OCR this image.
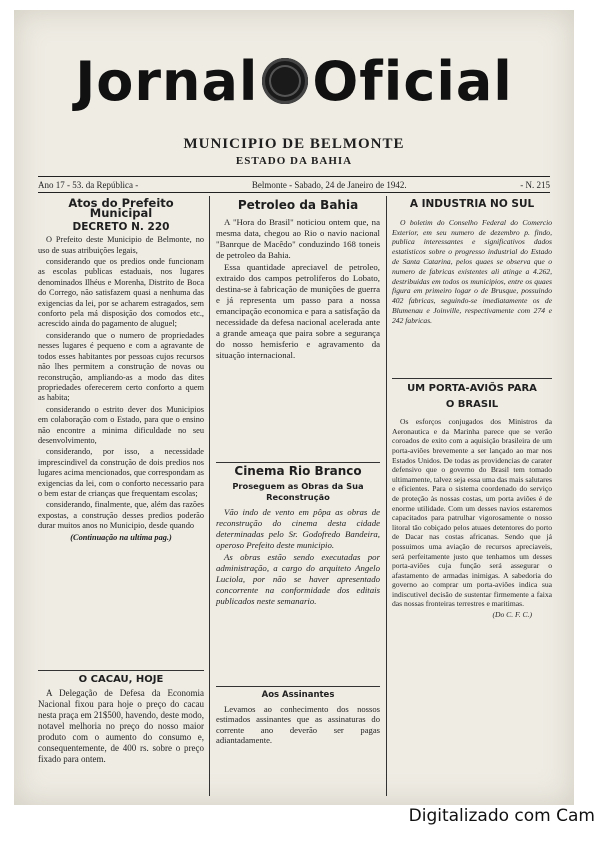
Jornal Oficial
MUNICIPIO DE BELMONTE
ESTADO DA BAHIA
Ano 17 - 53. da República -	Belmonte - Sabado, 24 de Janeiro de 1942.	- N. 215
Atos do Prefeito Municipal
DECRETO N. 220

O Prefeito deste Municipio de Belmonte, no uso de suas atribuições legais,

considerando que os predios onde funcionam as escolas publicas estaduais, nos lugares denominados Ilhéus e Morenha, Distrito de Boca do Corrego, não satisfazem quasi a nenhuma das exigencias da lei, por se acharem estragados, sem conforto pela má disposição dos comodos etc., acrescido ainda do pagamento de aluguel;

considerando que o numero de propriedades nesses lugares é pequeno e com a agravante de todos esses habitantes por pessoas cujos recursos não lhes permitem a construção de novas ou reconstrução, ampliando-as a modo das dites propriedades oferecerem certo conforto a quem as habita;

considerando o estrito dever dos Municipios em colaboração com o Estado, para que o ensino não encontre a minima dificuldade no seu desenvolvimento,

considerando, por isso, a necessidade imprescindivel da construção de dois predios nos lugares acima mencionados, que correspondam as exigencias da lei, com o conforto necessario para o bem estar de crianças que frequentam escolas;

considerando, finalmente, que, além das razões expostas, a construção desses predios poderão durar muitos anos no Municipio, desde quando

(Continuação na ultima pag.)
O CACAU, HOJE

A Delegação de Defesa da Economia Nacional fixou para hoje o preço do cacau nesta praça em 21$500, havendo, deste modo, notavel melhoria no preço do nosso maior produto com o aumento do consumo e, consequentemente, de 400 rs. sobre o preço fixado para ontem.

Petroleo da Bahia

A "Hora do Brasil" noticiou ontem que, na mesma data, chegou ao Rio o navio nacional "Banrque de Macêdo" conduzindo 168 toneis de petroleo da Bahia.

Essa quantidade apreciavel de petroleo, extraido dos campos petroliferos do Lobato, destina-se à fabricação de munições de guerra e já representa um passo para a nossa emancipação economica e para a satisfação da necessidade da defesa nacional acelerada ante a grande ameaça que paira sobre a segurança do nosso hemisferio e agravamento da situação internacional.

Cinema Rio Branco
Proseguem as Obras da Sua Reconstrução

Vão indo de vento em pôpa as obras de reconstrução do cinema desta cidade determinadas pelo Sr. Godofredo Bandeira, operoso Prefeito deste municipio.

As obras estão sendo executadas por administração, a cargo do arquiteto Angelo Luciola, por não se haver apresentado concorrente na conformidade dos editais publicados neste semanario.

Aos Assinantes

Levamos ao conhecimento dos nossos estimados assinantes que as assinaturas do corrente ano deverão ser pagas adiantadamente.

A INDUSTRIA NO SUL

O boletim do Conselho Federal do Comercio Exterior, em seu numero de dezembro p. findo, publica interessantes e significativos dados estatisticos sobre o progresso industrial do Estado de Santa Catarina, pelos quaes se observa que o numero de fabricas existentes ali atinge a 4.262, destribuidas em todos os municipios, entre os quaes figura em primeiro logar o de Brusque, possuindo 402 fabricas, seguindo-se imediatamente os de Blumenau e Joinville, respectivamente com 274 e 242 fabricas.

UM PORTA-AVIÕS PARA
O BRASIL

Os esforços conjugados dos Ministros da Aeronautica e da Marinha parece que se verão coroados de exito com a aquisição brasileira de um porta-aviões brevemente a ser lançado ao mar nos Estados Unidos. De todas as providencias de carater defensivo que o governo do Brasil tem tomado ultimamente, talvez seja essa uma das mais salutares e eficientes. Para o sistema coordenado do serviço de proteção às nossas costas, um porta aviões é de enorme utilidade. Com um desses navios estaremos capacitados para patrulhar vigorosamente o nosso litoral tão cobiçado pelos atuaes detentores do porto de Dacar nas costas africanas. Sendo que já possuimos uma aviação de recursos apreciaveis, será perfeitamente justo que tenhamos um desses porta-aviões cuja função será assegurar o afastamento de armadas inimigas. A sabedoria do governo ao comprar um porta-aviões indica sua indiscutivel decisão de sustentar firmemente a faixa das nossas fronteiras terrestres e maritimas.

(Do C. F. C.)
Digitalizado com Cam
